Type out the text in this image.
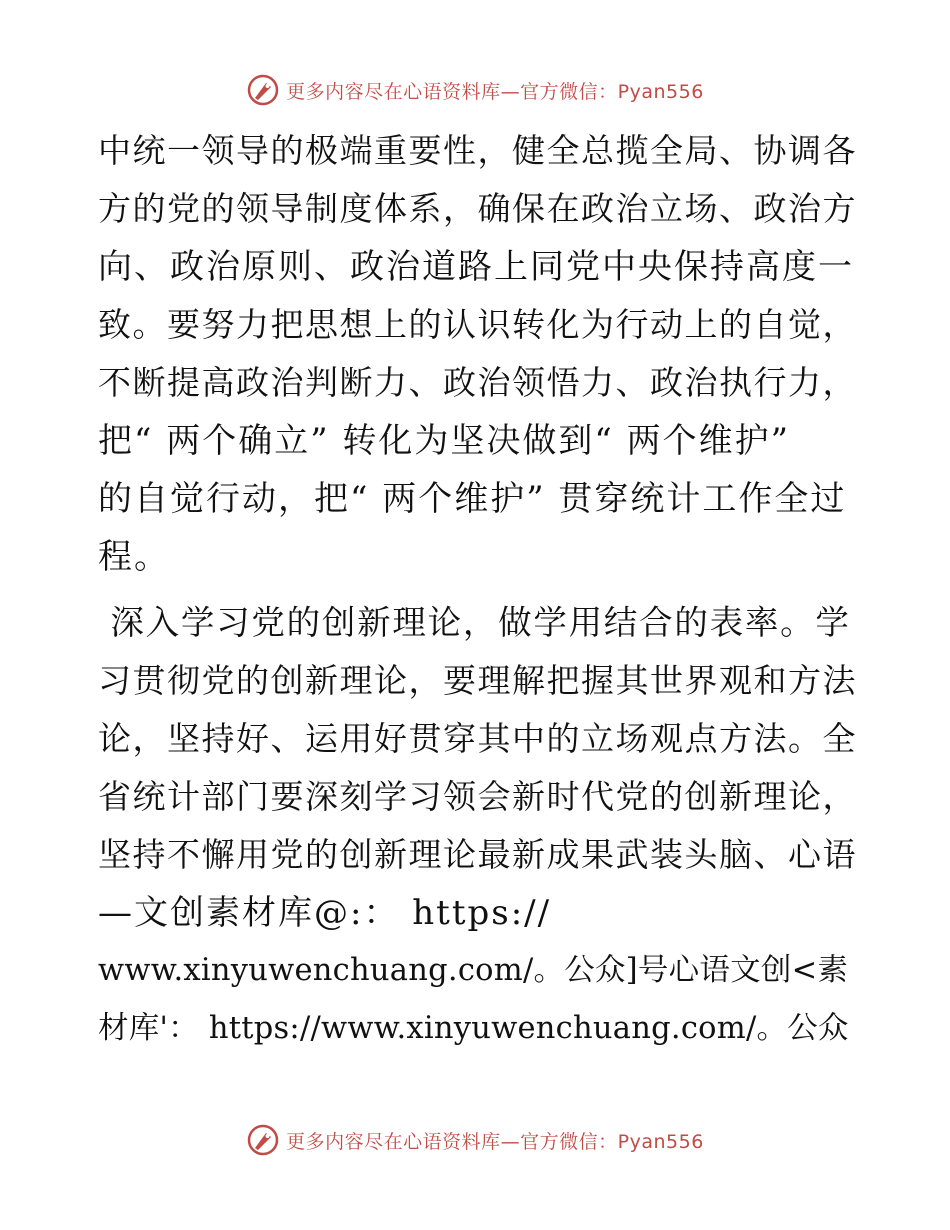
更多内容尽在心语资料库—官方微信：Pyan556
中统一领导的极端重要性，健全总揽全局、协调各
方的党的领导制度体系，确保在政治立场、政治方
向、政治原则、政治道路上同党中央保持高度一
致。要努力把思想上的认识转化为行动上的自觉，
不断提高政治判断力、政治领悟力、政治执行力，
把“ 两个确立” 转化为坚决做到“ 两个维护”
的自觉行动，把“ 两个维护” 贯穿统计工作全过
程。
深入学习党的创新理论，做学用结合的表率。学
习贯彻党的创新理论，要理解把握其世界观和方法
论，坚持好、运用好贯穿其中的立场观点方法。全
省统计部门要深刻学习领会新时代党的创新理论，
坚持不懈用党的创新理论最新成果武装头脑、心语
—文创素材库@:： https://
www.xinyuwenchuang.com/。公众]号心语文创<素
材库'： https://www.xinyuwenchuang.com/。公众
更多内容尽在心语资料库—官方微信：Pyan556
